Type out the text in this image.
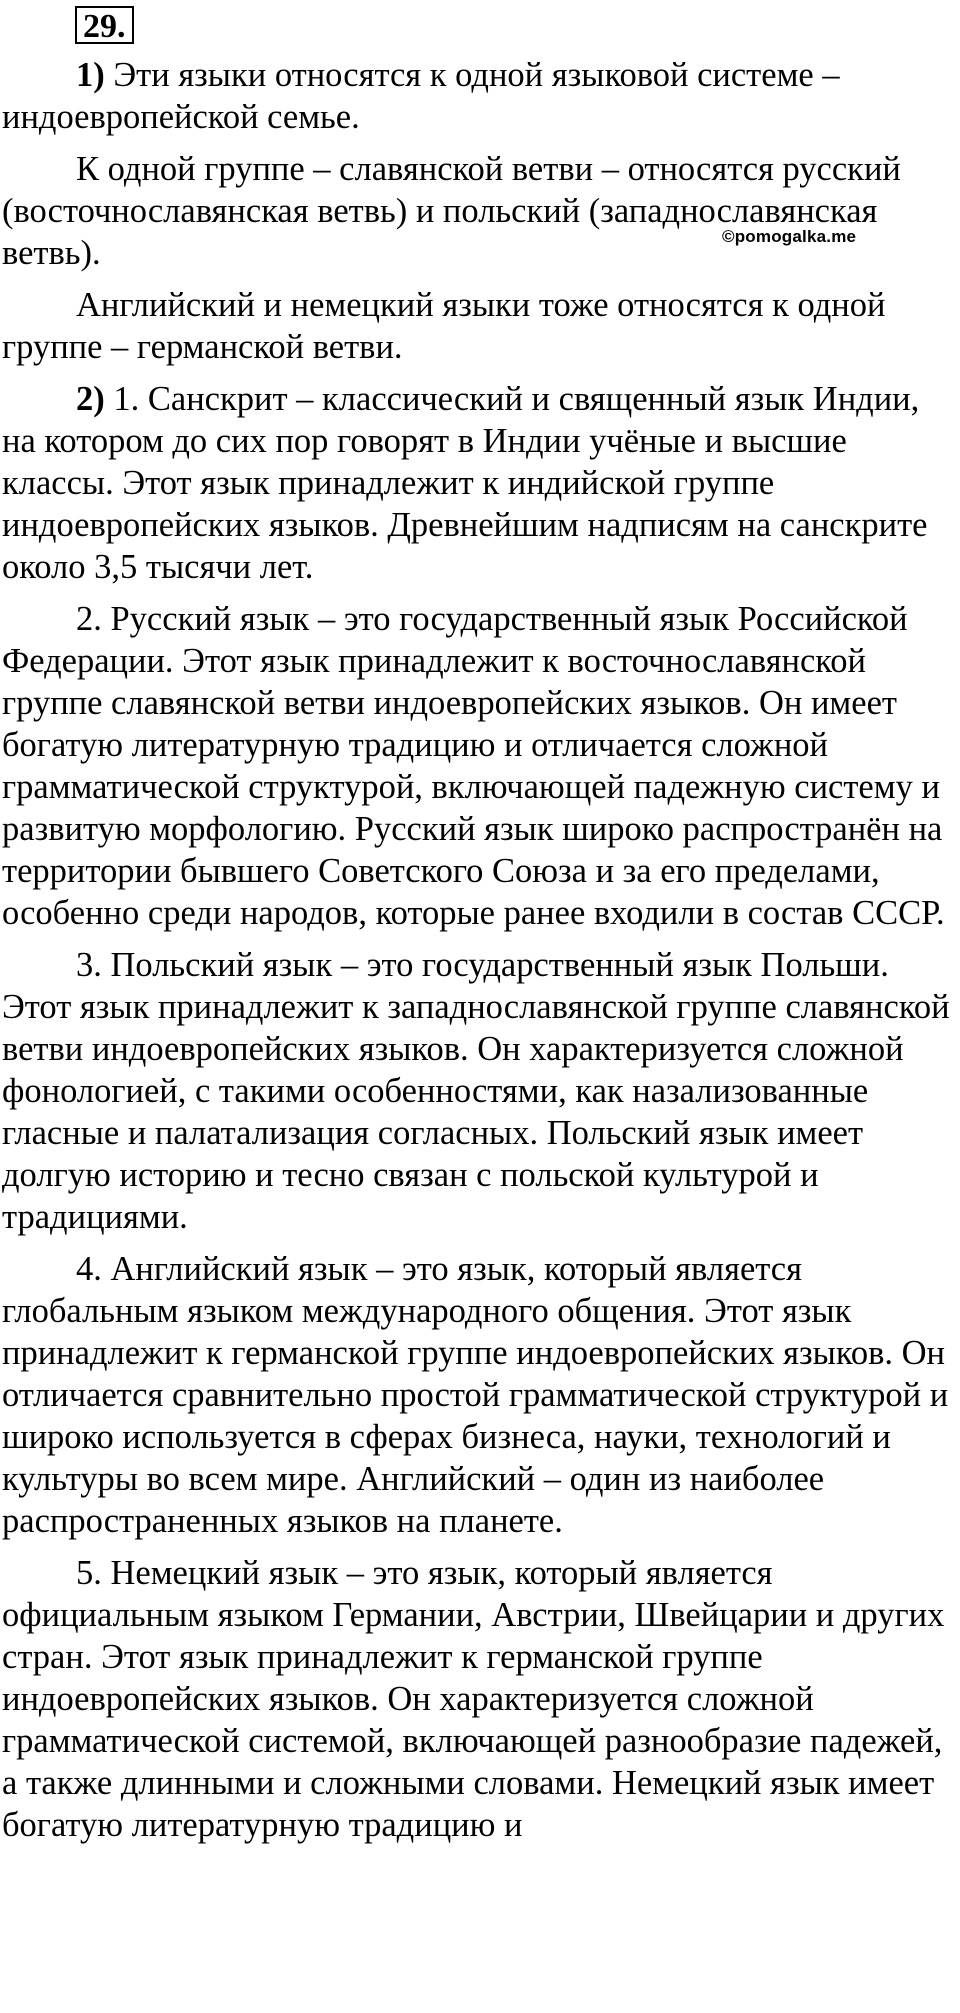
29.
©pomogalka.me

1) Эти языки относятся к одной языковой системе – индоевропейской семье.

К одной группе – славянской ветви – относятся русский (восточнославянская ветвь) и польский (западнославянская ветвь).

Английский и немецкий языки тоже относятся к одной группе – германской ветви.

2) 1. Санскрит – классический и священный язык Индии, на котором до сих пор говорят в Индии учёные и высшие классы. Этот язык принадлежит к индийской группе индоевропейских языков. Древнейшим надписям на санскрите около 3,5 тысячи лет.

2. Русский язык – это государственный язык Российской Федерации. Этот язык принадлежит к восточнославянской группе славянской ветви индоевропейских языков. Он имеет богатую литературную традицию и отличается сложной грамматической структурой, включающей падежную систему и развитую морфологию. Русский язык широко распространён на территории бывшего Советского Союза и за его пределами, особенно среди народов, которые ранее входили в состав СССР.

3. Польский язык – это государственный язык Польши. Этот язык принадлежит к западнославянской группе славянской ветви индоевропейских языков. Он характеризуется сложной фонологией, с такими особенностями, как назализованные гласные и палатализация согласных. Польский язык имеет долгую историю и тесно связан с польской культурой и традициями.

4. Английский язык – это язык, который является глобальным языком международного общения. Этот язык принадлежит к германской группе индоевропейских языков. Он отличается сравнительно простой грамматической структурой и широко используется в сферах бизнеса, науки, технологий и культуры во всем мире. Английский – один из наиболее распространенных языков на планете.

5. Немецкий язык – это язык, который является официальным языком Германии, Австрии, Швейцарии и других стран. Этот язык принадлежит к германской группе индоевропейских языков. Он характеризуется сложной грамматической системой, включающей разнообразие падежей, а также длинными и сложными словами. Немецкий язык имеет богатую литературную традицию и
